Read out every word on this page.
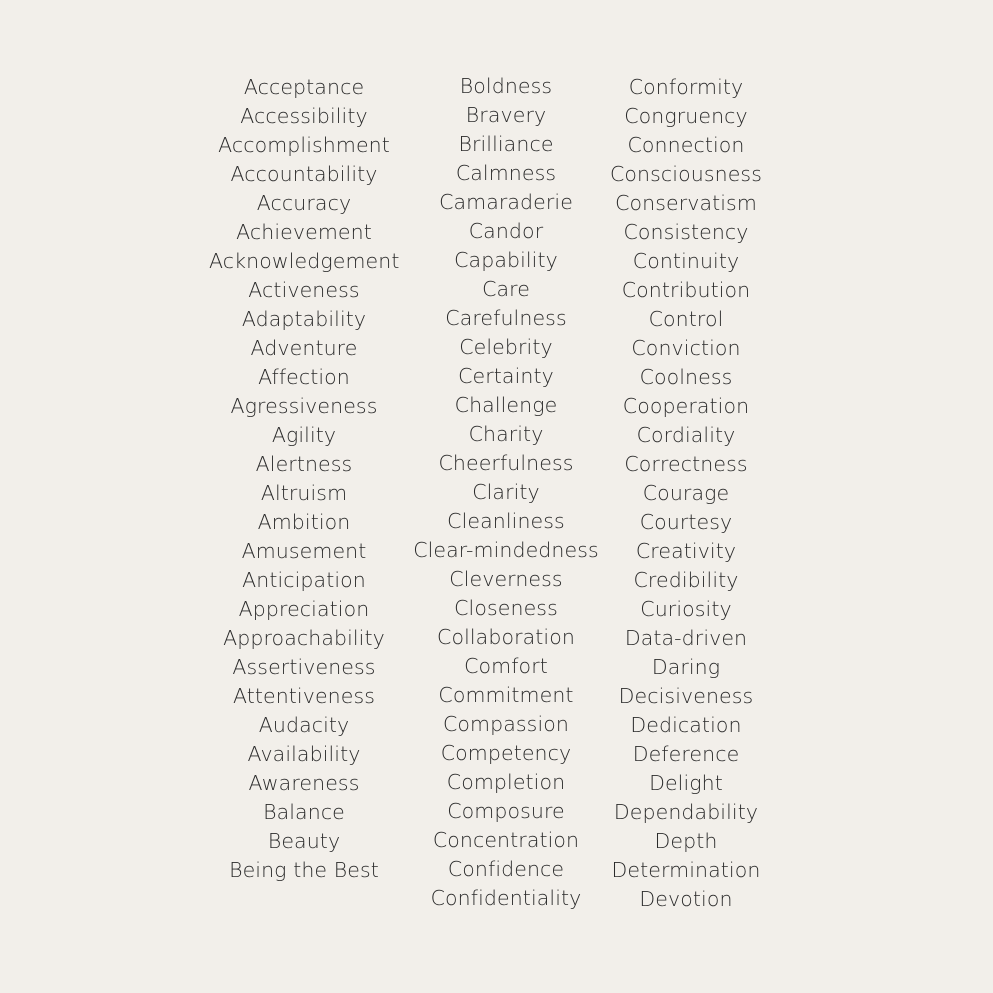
Acceptance
Accessibility
Accomplishment
Accountability
Accuracy
Achievement
Acknowledgement
Activeness
Adaptability
Adventure
Affection
Agressiveness
Agility
Alertness
Altruism
Ambition
Amusement
Anticipation
Appreciation
Approachability
Assertiveness
Attentiveness
Audacity
Availability
Awareness
Balance
Beauty
Being the Best
Boldness
Bravery
Brilliance
Calmness
Camaraderie
Candor
Capability
Care
Carefulness
Celebrity
Certainty
Challenge
Charity
Cheerfulness
Clarity
Cleanliness
Clear-mindedness
Cleverness
Closeness
Collaboration
Comfort
Commitment
Compassion
Competency
Completion
Composure
Concentration
Confidence
Confidentiality
Conformity
Congruency
Connection
Consciousness
Conservatism
Consistency
Continuity
Contribution
Control
Conviction
Coolness
Cooperation
Cordiality
Correctness
Courage
Courtesy
Creativity
Credibility
Curiosity
Data-driven
Daring
Decisiveness
Dedication
Deference
Delight
Dependability
Depth
Determination
Devotion
